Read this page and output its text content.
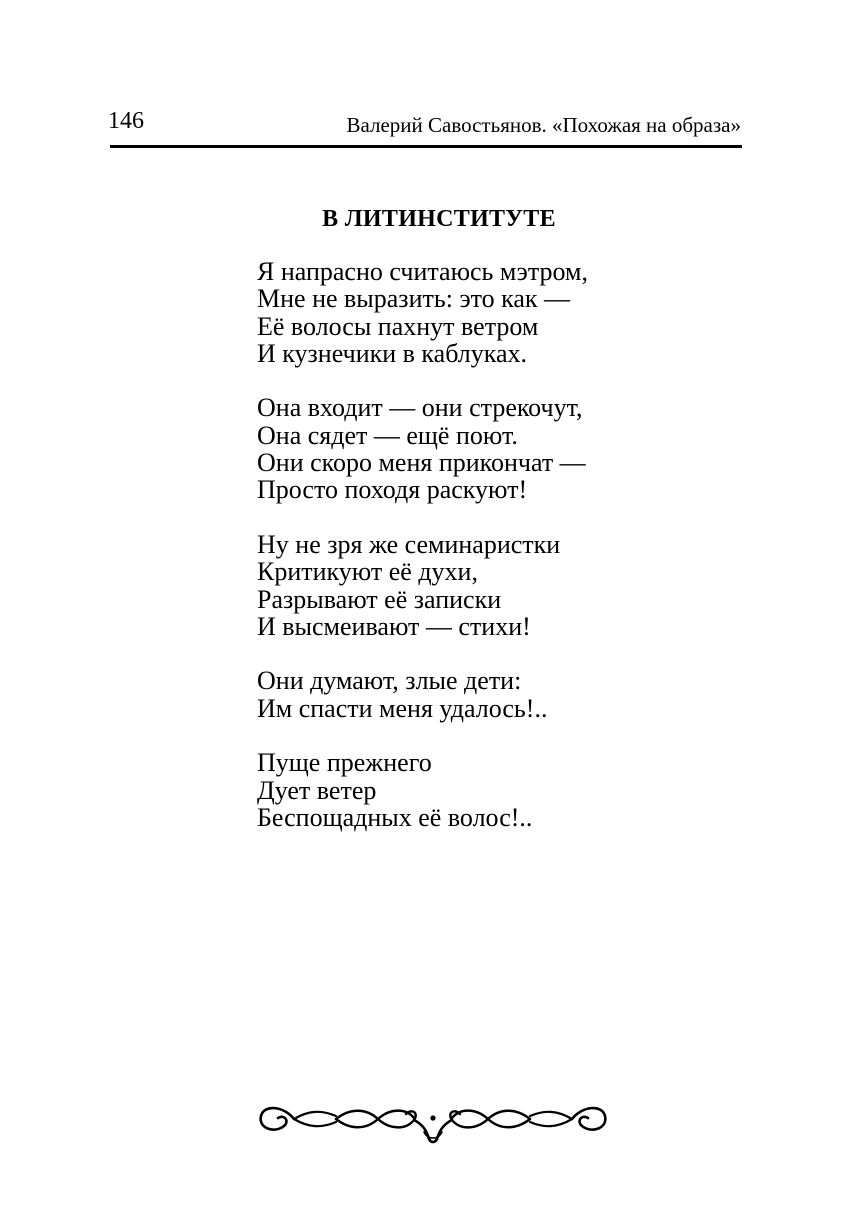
146	Валерий Савостьянов. «Похожая на образа»
В ЛИТИНСТИТУТЕ
Я напрасно считаюсь мэтром,
Мне не выразить: это как —
Её волосы пахнут ветром
И кузнечики в каблуках.
Она входит — они стрекочут,
Она сядет — ещё поют.
Они скоро меня прикончат —
Просто походя раскуют!
Ну не зря же семинаристки
Критикуют её духи,
Разрывают её записки
И высмеивают — стихи!
Они думают, злые дети:
Им спасти меня удалось!..
Пуще прежнего
Дует ветер
Беспощадных её волос!..
